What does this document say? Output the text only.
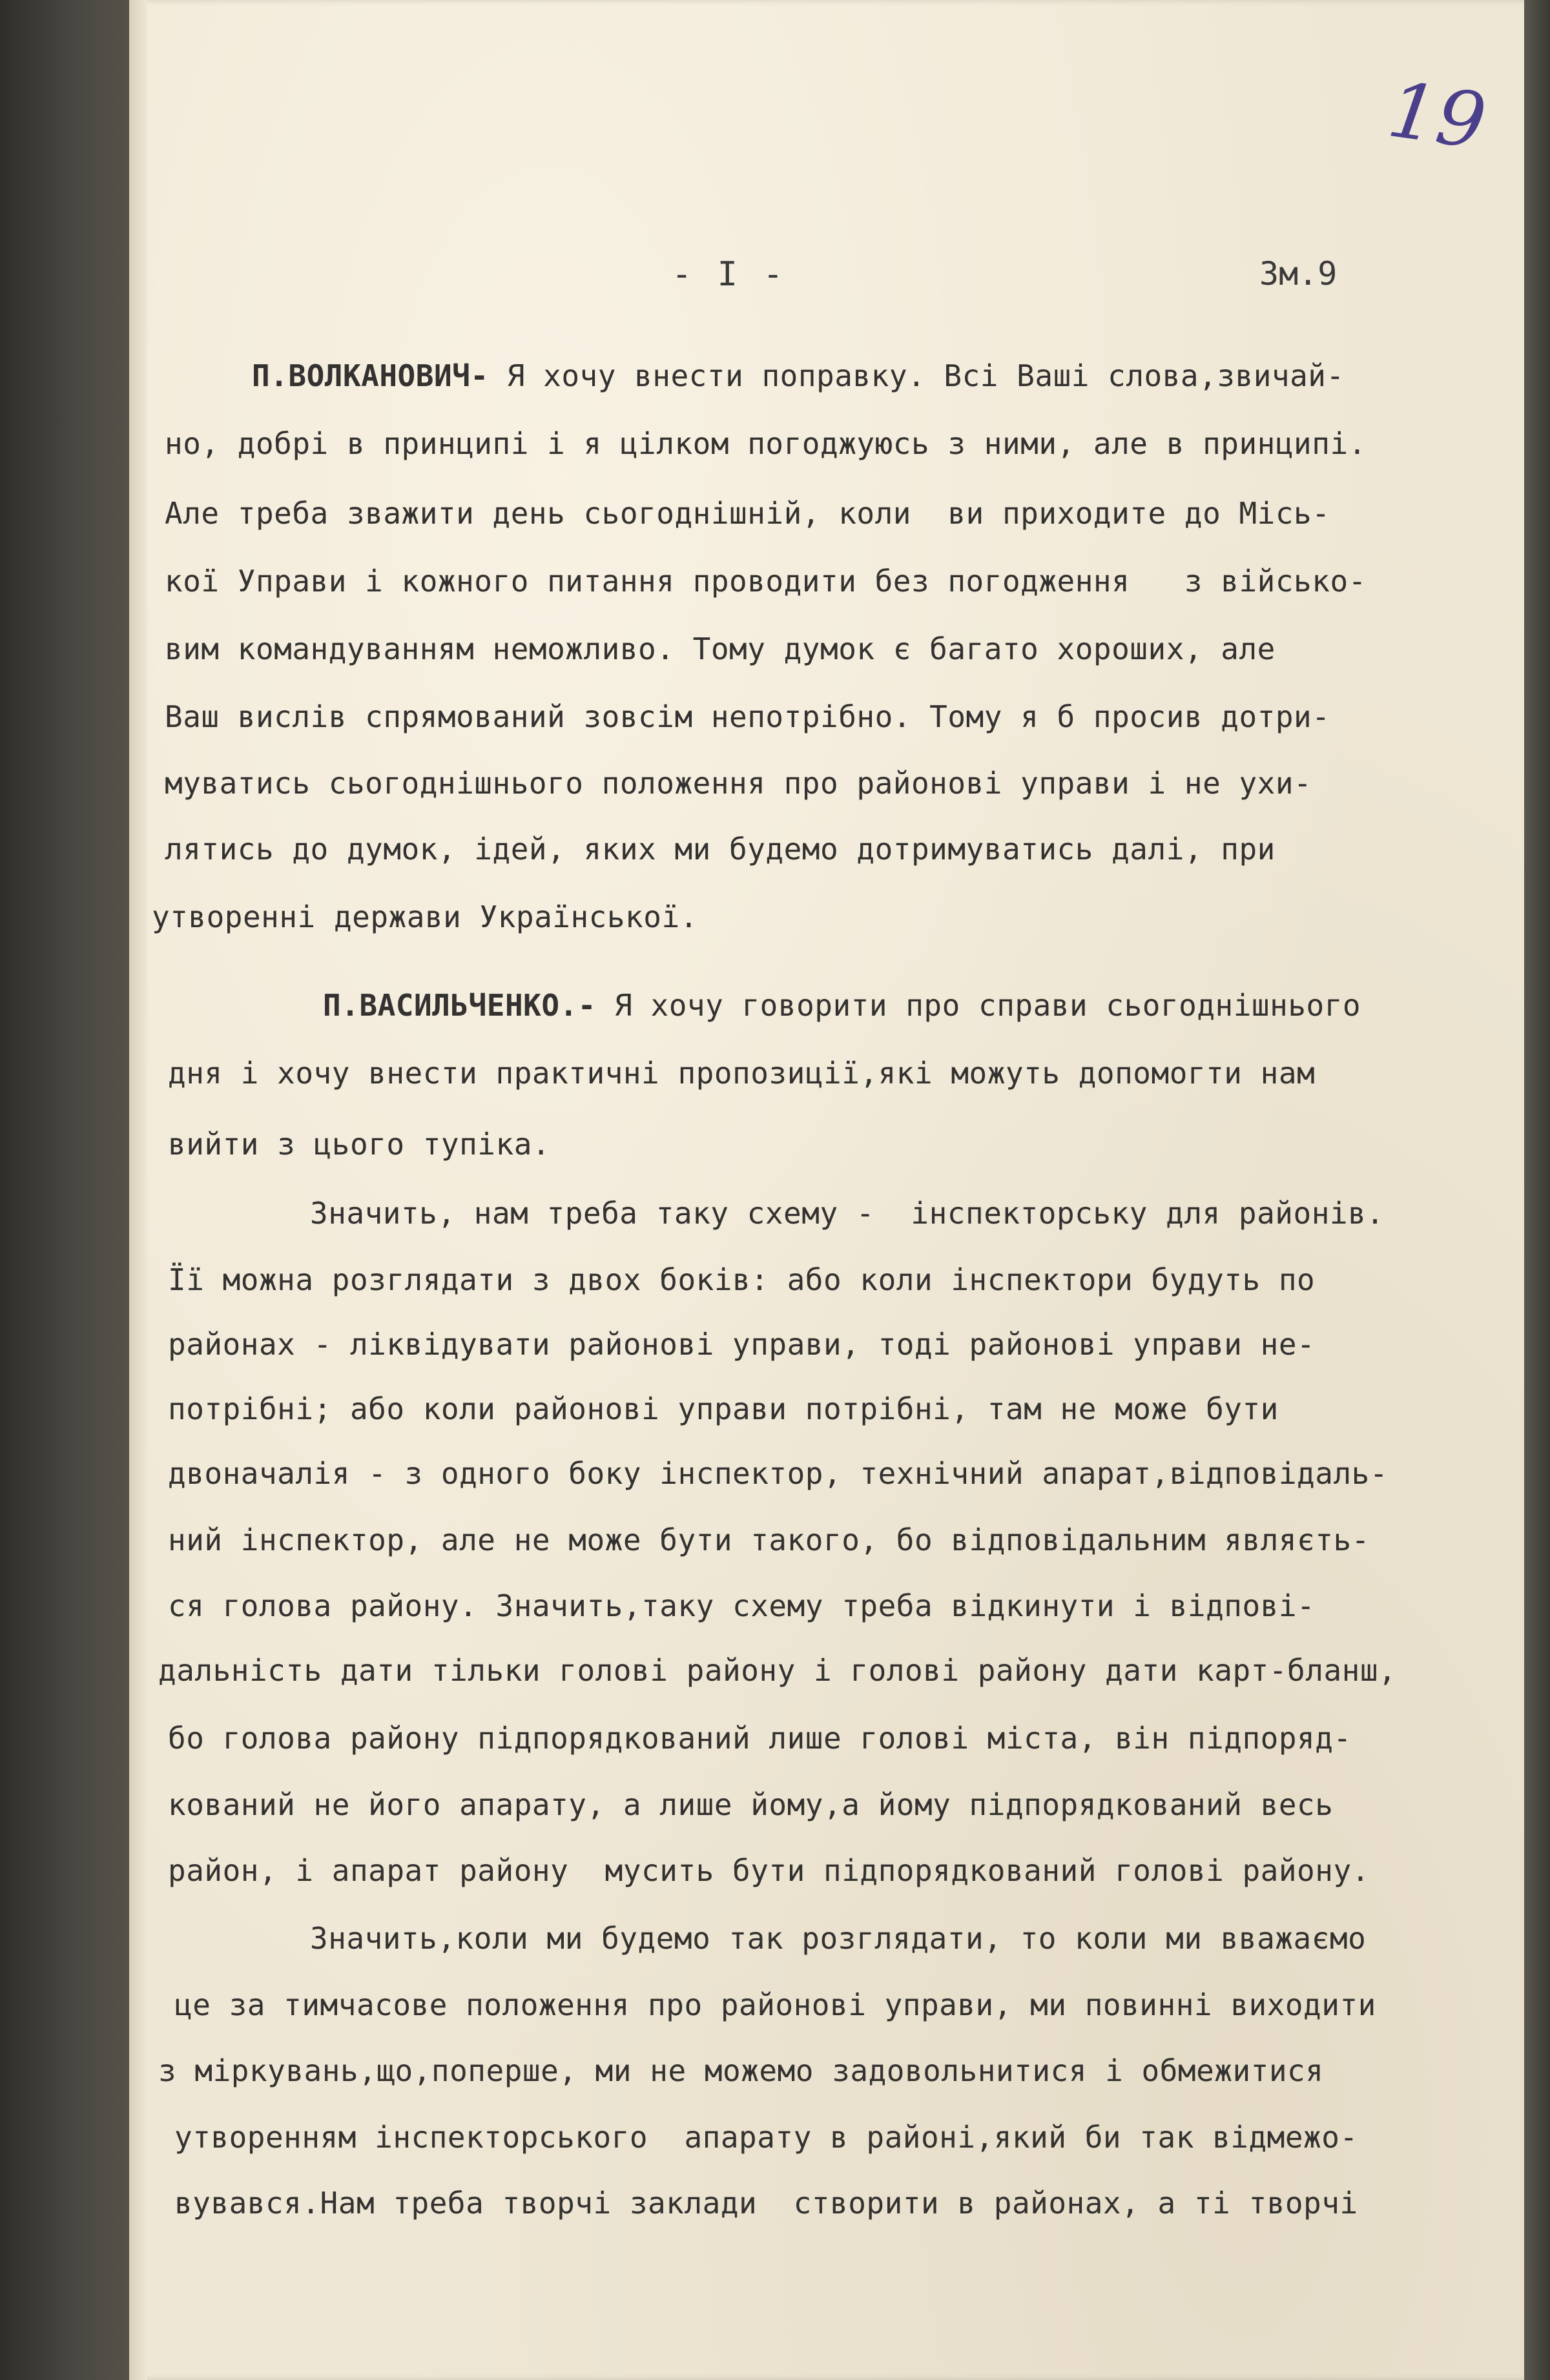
19
- I -	Зм.9
П.ВОЛКАНОВИЧ- Я хочу внести поправку. Всі Ваші слова,звичай-
но, добрі в принципі і я цілком погоджуюсь з ними, але в принципі.
Але треба зважити день сьогоднішній, коли  ви приходите до Місь-
кої Управи і кожного питання проводити без погодження   з військо-
вим командуванням неможливо. Тому думок є багато хороших, але
Ваш вислів спрямований зовсім непотрібно. Тому я б просив дотри-
муватись сьогоднішнього положення про районові управи і не ухи-
лятись до думок, ідей, яких ми будемо дотримуватись далі, при
утворенні держави Української.
П.ВАСИЛЬЧЕНКО.- Я хочу говорити про справи сьогоднішнього
дня і хочу внести практичні пропозиції,які можуть допомогти нам
вийти з цього тупіка.
Значить, нам треба таку схему -  інспекторську для районів.
Її можна розглядати з двох боків: або коли інспектори будуть по
районах - ліквідувати районові управи, тоді районові управи не-
потрібні; або коли районові управи потрібні, там не може бути
двоначалія - з одного боку інспектор, технічний апарат,відповідаль-
ний інспектор, але не може бути такого, бо відповідальним являєть-
ся голова району. Значить,таку схему треба відкинути і відпові-
дальність дати тільки голові району і голові району дати карт-бланш,
бо голова району підпорядкований лише голові міста, він підпоряд-
кований не його апарату, а лише йому,а йому підпорядкований весь
район, і апарат району  мусить бути підпорядкований голові району.
Значить,коли ми будемо так розглядати, то коли ми вважаємо
це за тимчасове положення про районові управи, ми повинні виходити
з міркувань,що,поперше, ми не можемо задовольнитися і обмежитися
утворенням інспекторського  апарату в районі,який би так відмежо-
вувався.Нам треба творчі заклади  створити в районах, а ті творчі
